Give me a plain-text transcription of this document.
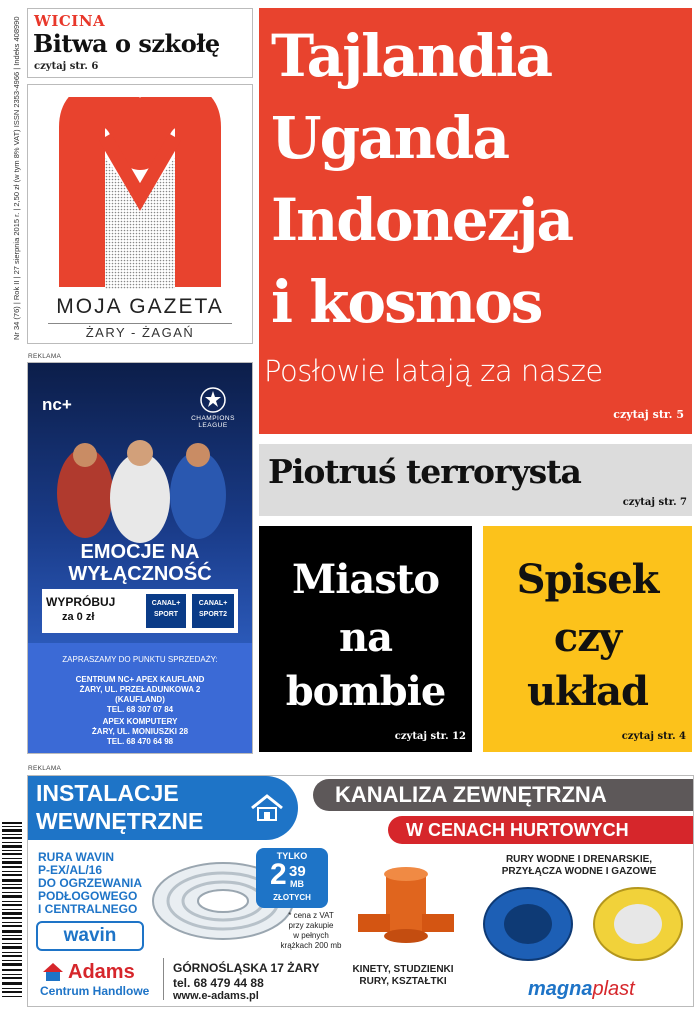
WICINA
Bitwa o szkołę
czytaj str. 6
MOJA GAZETA
ŻARY - ŻAGAŃ
Nr 34 (76) | Rok II | 27 sierpnia 2015 r. | 2,50 zł (w tym 8% VAT) ISSN 2353-4966 | Indeks 408990
REKLAMA
nc+
CHAMPIONS LEAGUE
EMOCJE NA
WYŁĄCZNOŚĆ
WYPRÓBUJ
za 0 zł
CANAL+ SPORT
CANAL+ SPORT2
ZAPRASZAMY DO PUNKTU SPRZEDAŻY:
CENTRUM NC+ APEX KAUFLAND
ŻARY, UL. PRZEŁADUNKOWA 2
(KAUFLAND)
TEL. 68 307 07 84
APEX KOMPUTERY
ŻARY, UL. MONIUSZKI 28
TEL. 68 470 64 98
Tajlandia
Uganda
Indonezja
i kosmos
Posłowie latają za nasze
czytaj str. 5
Piotruś terrorysta
czytaj str. 7
Miasto
na
bombie
czytaj str. 12
Spisek
czy
układ
czytaj str. 4
REKLAMA
INSTALACJE
WEWNĘTRZNE
KANALIZA ZEWNĘTRZNA
W CENACH HURTOWYCH
RURA WAVIN
P-EX/AL/16
DO OGRZEWANIA
PODŁOGOWEGO
I CENTRALNEGO
TYLKO
2 39
MB
ZŁOTYCH
* cena z VAT
przy zakupie
w pełnych
krążkach 200 mb
wavin
Adams
Centrum Handlowe
GÓRNOŚLĄSKA 17 ŻARY
tel. 68 479 44 88
www.e-adams.pl
KINETY, STUDZIENKI
RURY, KSZTAŁTKI
RURY WODNE I DRENARSKIE,
PRZYŁĄCZA WODNE I GAZOWE
magnaplast
